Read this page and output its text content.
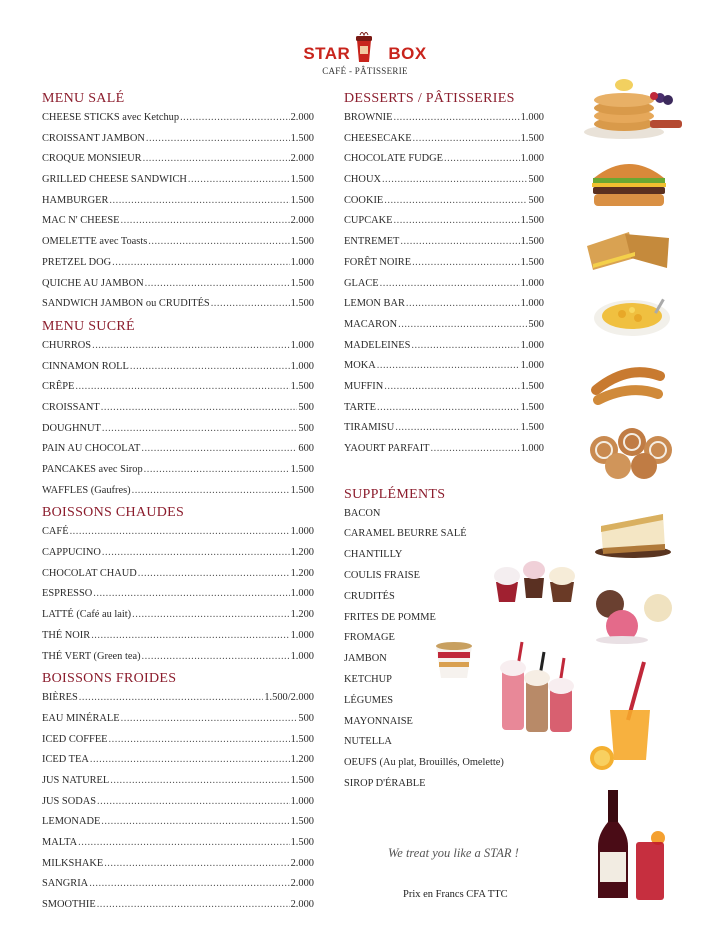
STAR BOX
CAFÉ - PÂTISSERIE
MENU SALÉ
CHEESE STICKS avec Ketchup .....	2.000
CROISSANT JAMBON .....	1.500
CROQUE MONSIEUR .....	2.000
GRILLED CHEESE SANDWICH .....	1.500
HAMBURGER .....	1.500
MAC N' CHEESE .....	2.000
OMELETTE avec Toasts .....	1.500
PRETZEL DOG .....	1.000
QUICHE AU JAMBON .....	1.500
SANDWICH JAMBON ou CRUDITÉS .....	1.500
MENU SUCRÉ
CHURROS .....	1.000
CINNAMON ROLL .....	1.000
CRÊPE .....	1.500
CROISSANT .....	500
DOUGHNUT .....	500
PAIN AU CHOCOLAT .....	600
PANCAKES avec Sirop .....	1.500
WAFFLES (Gaufres) .....	1.500
BOISSONS CHAUDES
CAFÉ .....	1.000
CAPPUCINO .....	1.200
CHOCOLAT CHAUD .....	1.200
ESPRESSO .....	1.000
LATTÉ (Café au lait) .....	1.200
THÉ NOIR .....	1.000
THÉ VERT (Green tea) .....	1.000
BOISSONS FROIDES
BIÈRES .....	1.500/2.000
EAU MINÉRALE .....	500
ICED COFFEE .....	1.500
ICED TEA .....	1.200
JUS NATUREL .....	1.500
JUS SODAS .....	1.000
LEMONADE .....	1.500
MALTA .....	1.500
MILKSHAKE .....	2.000
SANGRIA .....	2.000
SMOOTHIE .....	2.000
DESSERTS / PÂTISSERIES
BROWNIE .....	1.000
CHEESECAKE .....	1.500
CHOCOLATE FUDGE .....	1.000
CHOUX .....	500
COOKIE .....	500
CUPCAKE .....	1.500
ENTREMET .....	1.500
FORÊT NOIRE .....	1.500
GLACE .....	1.000
LEMON BAR .....	1.000
MACARON .....	500
MADELEINES .....	1.000
MOKA .....	1.000
MUFFIN .....	1.500
TARTE .....	1.500
TIRAMISU .....	1.500
YAOURT PARFAIT .....	1.000
SUPPLÉMENTS
BACON
CARAMEL BEURRE SALÉ
CHANTILLY
COULIS FRAISE
CRUDITÉS
FRITES DE POMME
FROMAGE
JAMBON
KETCHUP
LÉGUMES
MAYONNAISE
NUTELLA
OEUFS (Au plat, Brouillés, Omelette)
SIROP D'ÉRABLE
We treat you like a STAR !
Prix en Francs CFA TTC
